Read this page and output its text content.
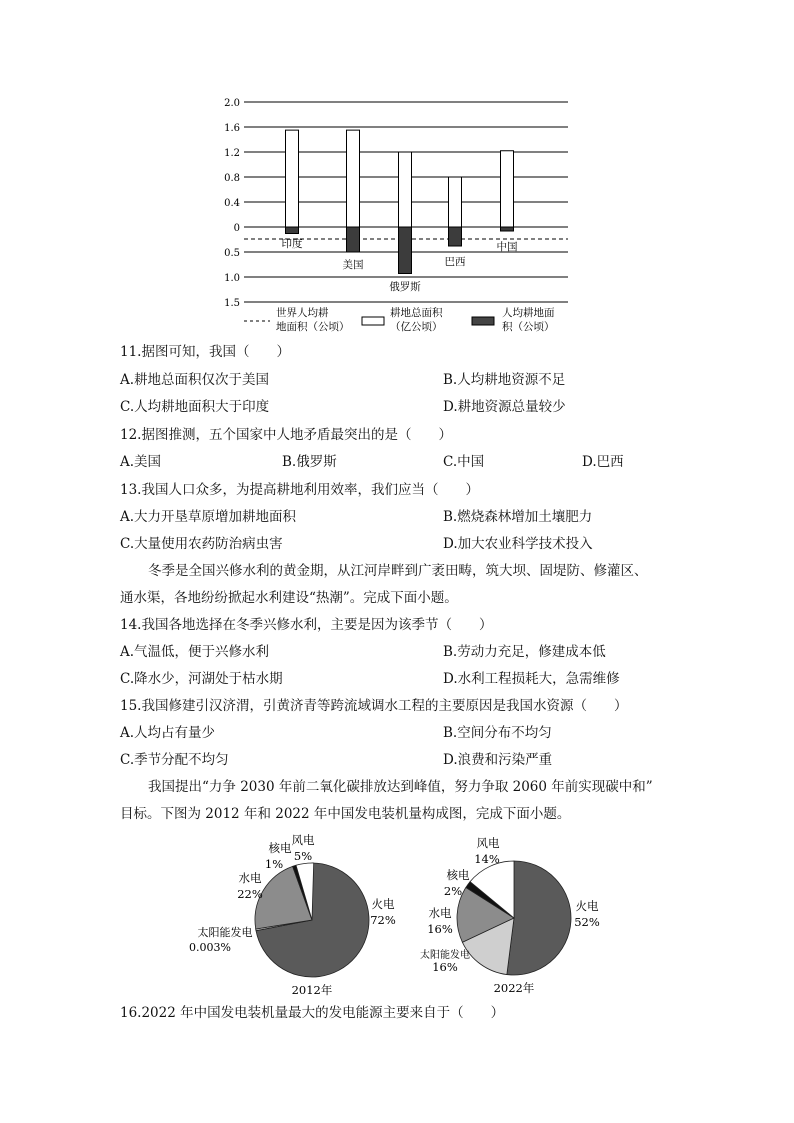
2.0
1.6
1.2
0.8
0.4
0
0.5
1.0
1.5
印度
美国
俄罗斯
巴西
中国
世界人均耕
地面积（公顷）
耕地总面积
（亿公顷）
人均耕地面
积（公顷）
11.据图可知，我国（　　）
A.耕地总面积仅次于美国	B.人均耕地资源不足
C.人均耕地面积大于印度	D.耕地资源总量较少
12.据图推测，五个国家中人地矛盾最突出的是（　　）
A.美国	B.俄罗斯	C.中国	D.巴西
13.我国人口众多，为提高耕地利用效率，我们应当（　　）
A.大力开垦草原增加耕地面积	B.燃烧森林增加土壤肥力
C.大量使用农药防治病虫害	D.加大农业科学技术投入
冬季是全国兴修水利的黄金期，从江河岸畔到广袤田畴，筑大坝、固堤防、修灌区、
通水渠，各地纷纷掀起水利建设“热潮”。完成下面小题。
14.我国各地选择在冬季兴修水利，主要是因为该季节（　　）
A.气温低，便于兴修水利	B.劳动力充足，修建成本低
C.降水少，河湖处于枯水期	D.水利工程损耗大，急需维修
15.我国修建引汉济渭，引黄济青等跨流域调水工程的主要原因是我国水资源（　　）
A.人均占有量少	B.空间分布不均匀
C.季节分配不均匀	D.浪费和污染严重
我国提出“力争 2030 年前二氧化碳排放达到峰值，努力争取 2060 年前实现碳中和”
目标。下图为 2012 年和 2022 年中国发电装机量构成图，完成下面小题。
2012年	2022年
火电
72%
太阳能发电
0.003%
水电
22%
核电
1%
风电
5%
火电
52%
太阳能发电
16%
水电
16%
核电
2%
风电
14%
16.2022 年中国发电装机量最大的发电能源主要来自于（　　）
